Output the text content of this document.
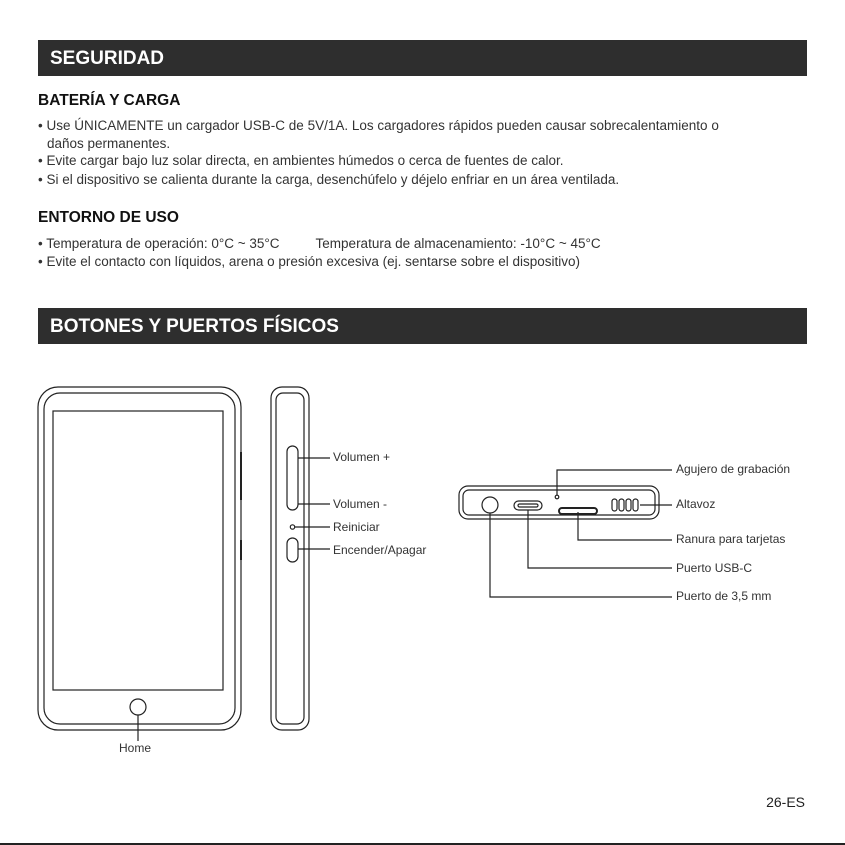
SEGURIDAD
BATERÍA Y CARGA
• Use ÚNICAMENTE un cargador USB-C de 5V/1A. Los cargadores rápidos pueden causar sobrecalentamiento o
daños permanentes.
• Evite cargar bajo luz solar directa, en ambientes húmedos o cerca de fuentes de calor.
• Si el dispositivo se calienta durante la carga, desenchúfelo y déjelo enfriar en un área ventilada.
ENTORNO DE USO
• Temperatura de operación: 0°C ~ 35°C	Temperatura de almacenamiento: -10°C ~ 45°C
• Evite el contacto con líquidos, arena o presión excesiva (ej. sentarse sobre el dispositivo)
BOTONES Y PUERTOS FÍSICOS
Home
Volumen +
Volumen -
Reiniciar
Encender/Apagar
Agujero de grabación
Altavoz
Ranura para tarjetas
Puerto USB-C
Puerto de 3,5 mm
26-ES
